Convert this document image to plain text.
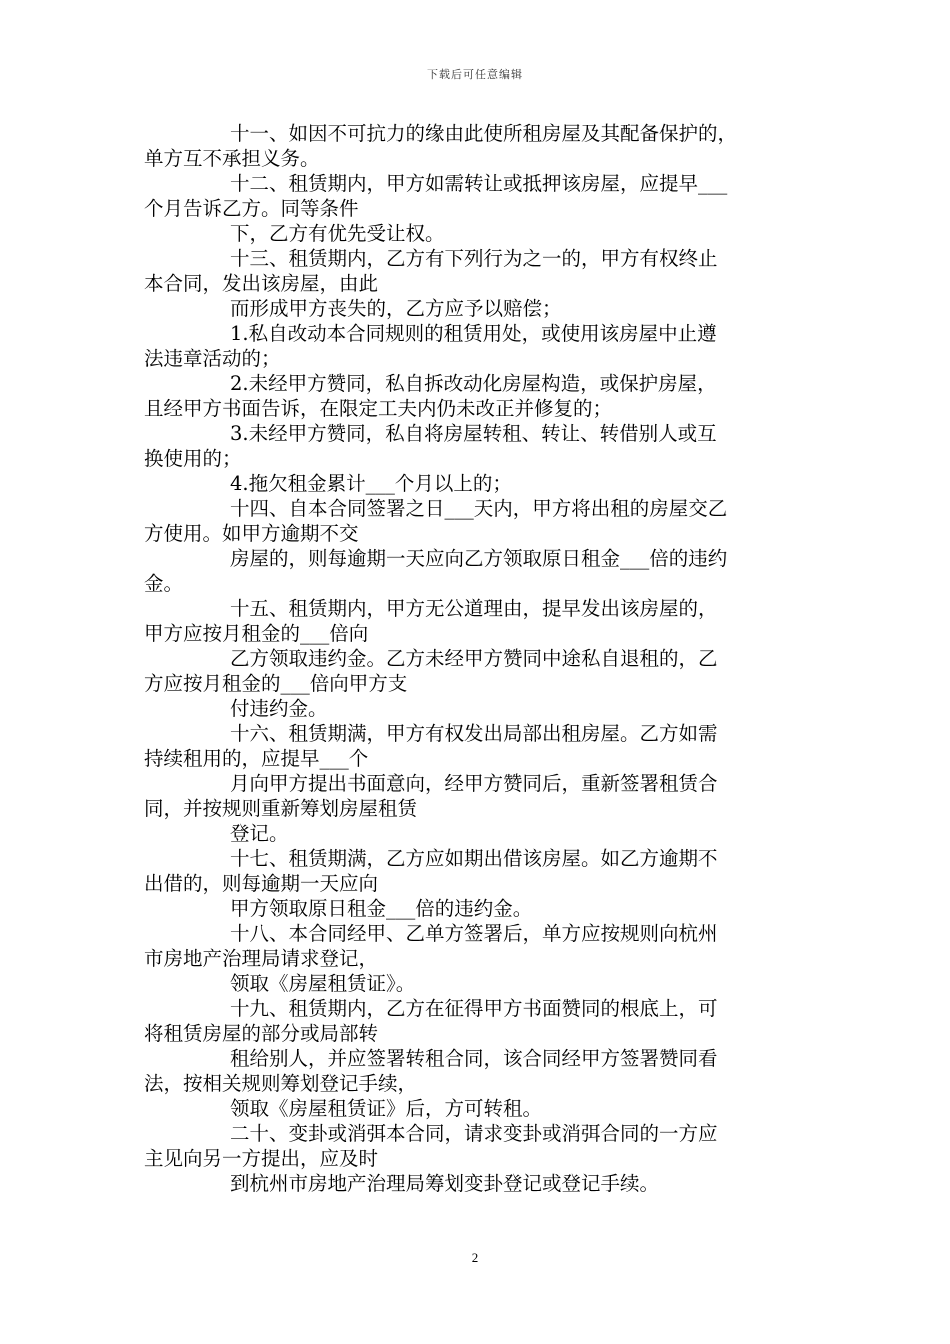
下载后可任意编辑
十一、如因不可抗力的缘由此使所租房屋及其配备保护的，
单方互不承担义务。
十二、租赁期内，甲方如需转让或抵押该房屋，应提早___
个月告诉乙方。同等条件
下，乙方有优先受让权。
十三、租赁期内，乙方有下列行为之一的，甲方有权终止
本合同，发出该房屋，由此
而形成甲方丧失的，乙方应予以赔偿；
1.私自改动本合同规则的租赁用处，或使用该房屋中止遵
法违章活动的；
2.未经甲方赞同，私自拆改动化房屋构造，或保护房屋，
且经甲方书面告诉，在限定工夫内仍未改正并修复的；
3.未经甲方赞同，私自将房屋转租、转让、转借别人或互
换使用的；
4.拖欠租金累计___个月以上的；
十四、自本合同签署之日___天内，甲方将出租的房屋交乙
方使用。如甲方逾期不交
房屋的，则每逾期一天应向乙方领取原日租金___倍的违约
金。
十五、租赁期内，甲方无公道理由，提早发出该房屋的，
甲方应按月租金的___倍向
乙方领取违约金。乙方未经甲方赞同中途私自退租的，乙
方应按月租金的___倍向甲方支
付违约金。
十六、租赁期满，甲方有权发出局部出租房屋。乙方如需
持续租用的，应提早___个
月向甲方提出书面意向，经甲方赞同后，重新签署租赁合
同，并按规则重新筹划房屋租赁
登记。
十七、租赁期满，乙方应如期出借该房屋。如乙方逾期不
出借的，则每逾期一天应向
甲方领取原日租金___倍的违约金。
十八、本合同经甲、乙单方签署后，单方应按规则向杭州
市房地产治理局请求登记，
领取《房屋租赁证》。
十九、租赁期内，乙方在征得甲方书面赞同的根底上，可
将租赁房屋的部分或局部转
租给别人，并应签署转租合同，该合同经甲方签署赞同看
法，按相关规则筹划登记手续，
领取《房屋租赁证》后，方可转租。
二十、变卦或消弭本合同，请求变卦或消弭合同的一方应
主见向另一方提出，应及时
到杭州市房地产治理局筹划变卦登记或登记手续。
2
